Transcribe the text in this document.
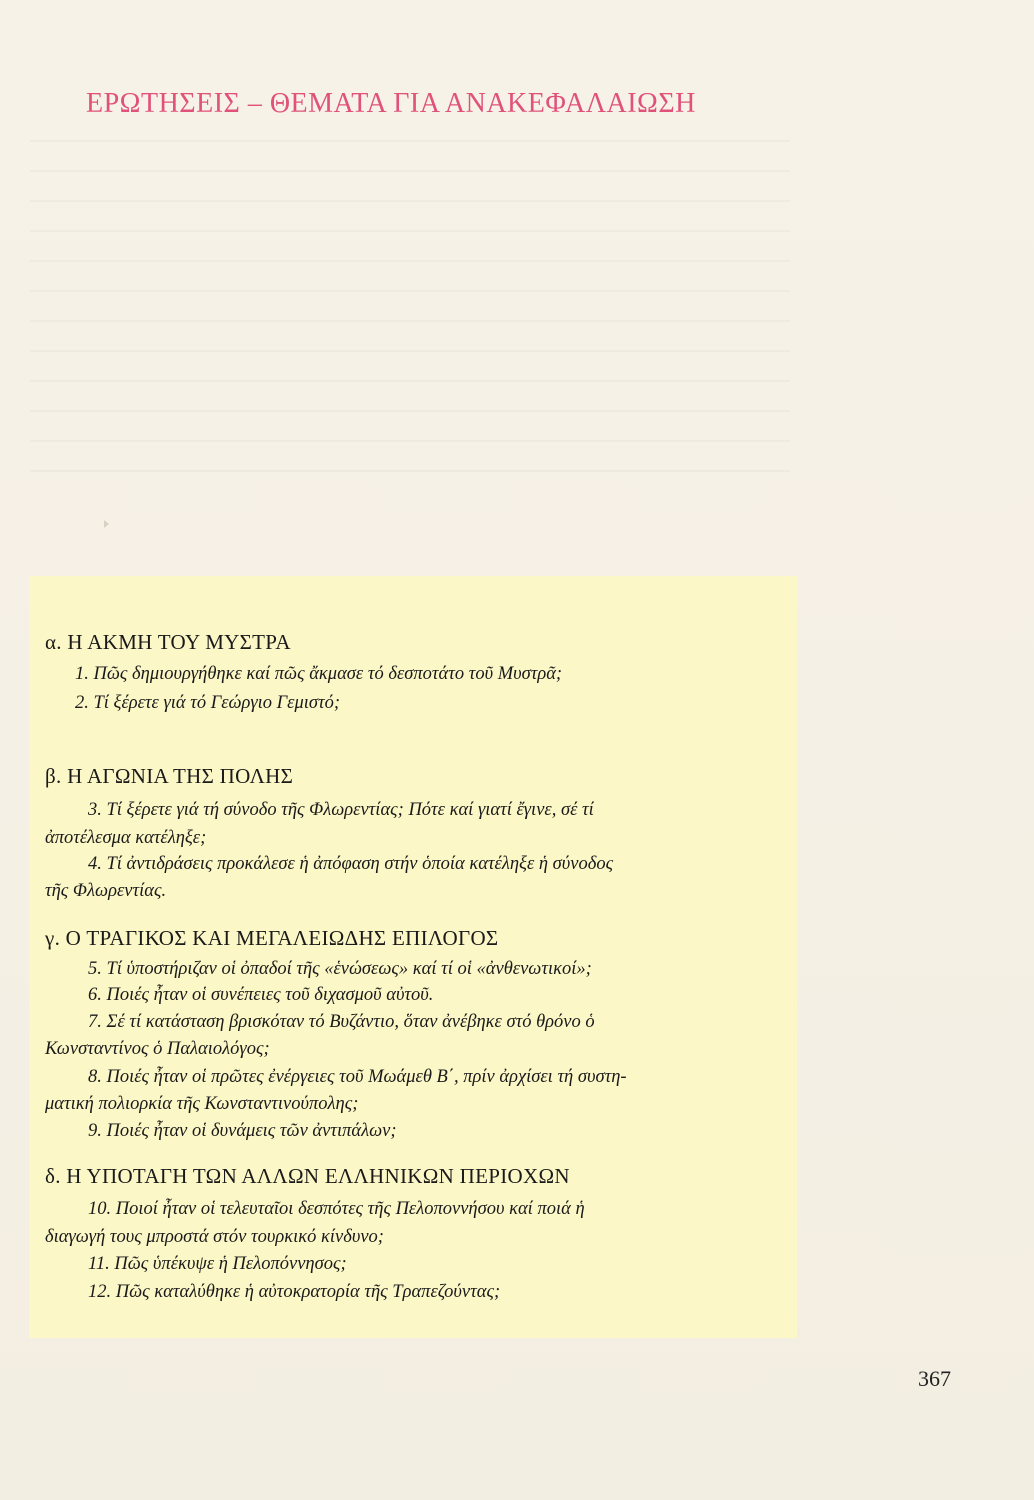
ΕΡΩΤΗΣΕΙΣ – ΘΕΜΑΤΑ ΓΙΑ ΑΝΑΚΕΦΑΛΑΙΩΣΗ
α. Η ΑΚΜΗ ΤΟΥ ΜΥΣΤΡΑ
1. Πῶς δημιουργήθηκε καί πῶς ἄκμασε τό δεσποτάτο τοῦ Μυστρᾶ;
2. Τί ξέρετε γιά τό Γεώργιο Γεμιστό;
β. Η ΑΓΩΝΙΑ ΤΗΣ ΠΟΛΗΣ
3. Τί ξέρετε γιά τή σύνοδο τῆς Φλωρεντίας; Πότε καί γιατί ἔγινε, σέ τί
ἀποτέλεσμα κατέληξε;
4. Τί ἀντιδράσεις προκάλεσε ἡ ἀπόφαση στήν ὁποία κατέληξε ἡ σύνοδος
τῆς Φλωρεντίας.
γ. Ο ΤΡΑΓΙΚΟΣ ΚΑΙ ΜΕΓΑΛΕΙΩΔΗΣ ΕΠΙΛΟΓΟΣ
5. Τί ὑποστήριζαν οἱ ὀπαδοί τῆς «ἑνώσεως» καί τί οἱ «ἀνθενωτικοί»;
6. Ποιές ἦταν οἱ συνέπειες τοῦ διχασμοῦ αὐτοῦ.
7. Σέ τί κατάσταση βρισκόταν τό Βυζάντιο, ὅταν ἀνέβηκε στό θρόνο ὁ
Κωνσταντίνος ὁ Παλαιολόγος;
8. Ποιές ἦταν οἱ πρῶτες ἐνέργειες τοῦ Μωάμεθ Β΄, πρίν ἀρχίσει τή συστη-
ματική πολιορκία τῆς Κωνσταντινούπολης;
9. Ποιές ἦταν οἱ δυνάμεις τῶν ἀντιπάλων;
δ. Η ΥΠΟΤΑΓΗ ΤΩΝ ΑΛΛΩΝ ΕΛΛΗΝΙΚΩΝ ΠΕΡΙΟΧΩΝ
10. Ποιοί ἦταν οἱ τελευταῖοι δεσπότες τῆς Πελοποννήσου καί ποιά ἡ
διαγωγή τους μπροστά στόν τουρκικό κίνδυνο;
11. Πῶς ὑπέκυψε ἡ Πελοπόννησος;
12. Πῶς καταλύθηκε ἡ αὐτοκρατορία τῆς Τραπεζούντας;
367
